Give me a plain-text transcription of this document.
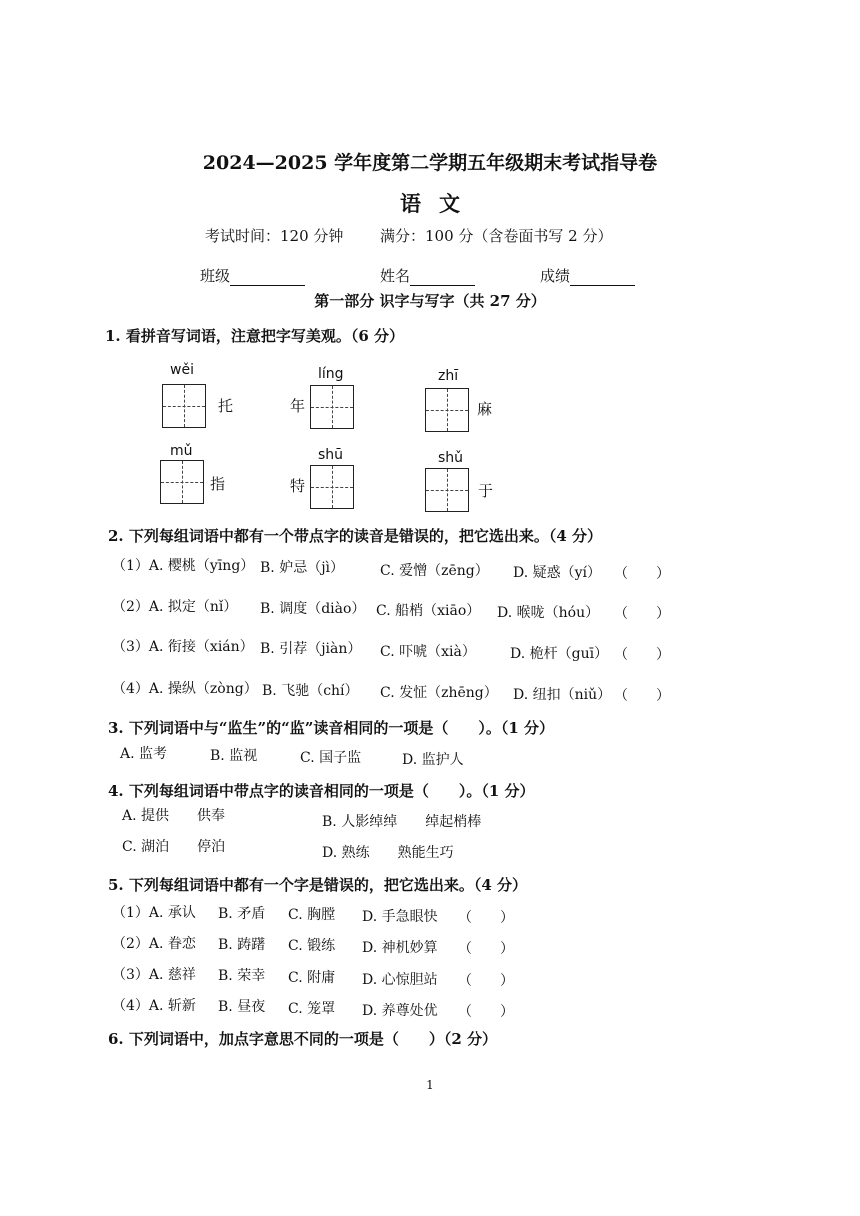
2024—2025 学年度第二学期五年级期末考试指导卷
语文
考试时间：120 分钟 满分：100 分（含卷面书写 2 分）
班级	姓名	成绩
第一部分 识字与写字（共 27 分）
1. 看拼音写词语，注意把字写美观。（6 分）
wěi
托
líng
年
zhī
麻
mǔ
指
shū
特
shǔ
于
2. 下列每组词语中都有一个带点字的读音是错误的，把它选出来。（4 分）
（1）A. 樱桃（yīng） B. 妒忌（jì）	C. 爱憎（zēng） D. 疑惑（yí） （　　）
（2）A. 拟定（nǐ） B. 调度（diào） C. 船梢（xiāo） D. 喉咙（hóu） （　　）
（3）A. 衔接（xián） B. 引荐（jiàn） C. 吓唬（xià） D. 桅杆（guī） （　　）
（4）A. 操纵（zòng） B. 飞驰（chí） C. 发怔（zhēng） D. 纽扣（niǔ） （　　）
3. 下列词语中与“监生”的“监”读音相同的一项是（　　）。（1 分）
A. 监考	B. 监视	C. 国子监	D. 监护人
4. 下列每组词语中带点字的读音相同的一项是（　　）。（1 分）
A. 提供　　供奉	B. 人影绰绰　　绰起梢棒
C. 湖泊　　停泊	D. 熟练　　熟能生巧
5. 下列每组词语中都有一个字是错误的，把它选出来。（4 分）
（1）A. 承认 B. 矛盾 C. 胸膛 D. 手急眼快 （　　）
（2）A. 眷恋 B. 踌躇 C. 锻练 D. 神机妙算 （　　）
（3）A. 慈祥 B. 荣幸 C. 附庸 D. 心惊胆站 （　　）
（4）A. 斩新 B. 昼夜 C. 笼罩 D. 养尊处优 （　　）
6. 下列词语中，加点字意思不同的一项是（　　）（2 分）
1
